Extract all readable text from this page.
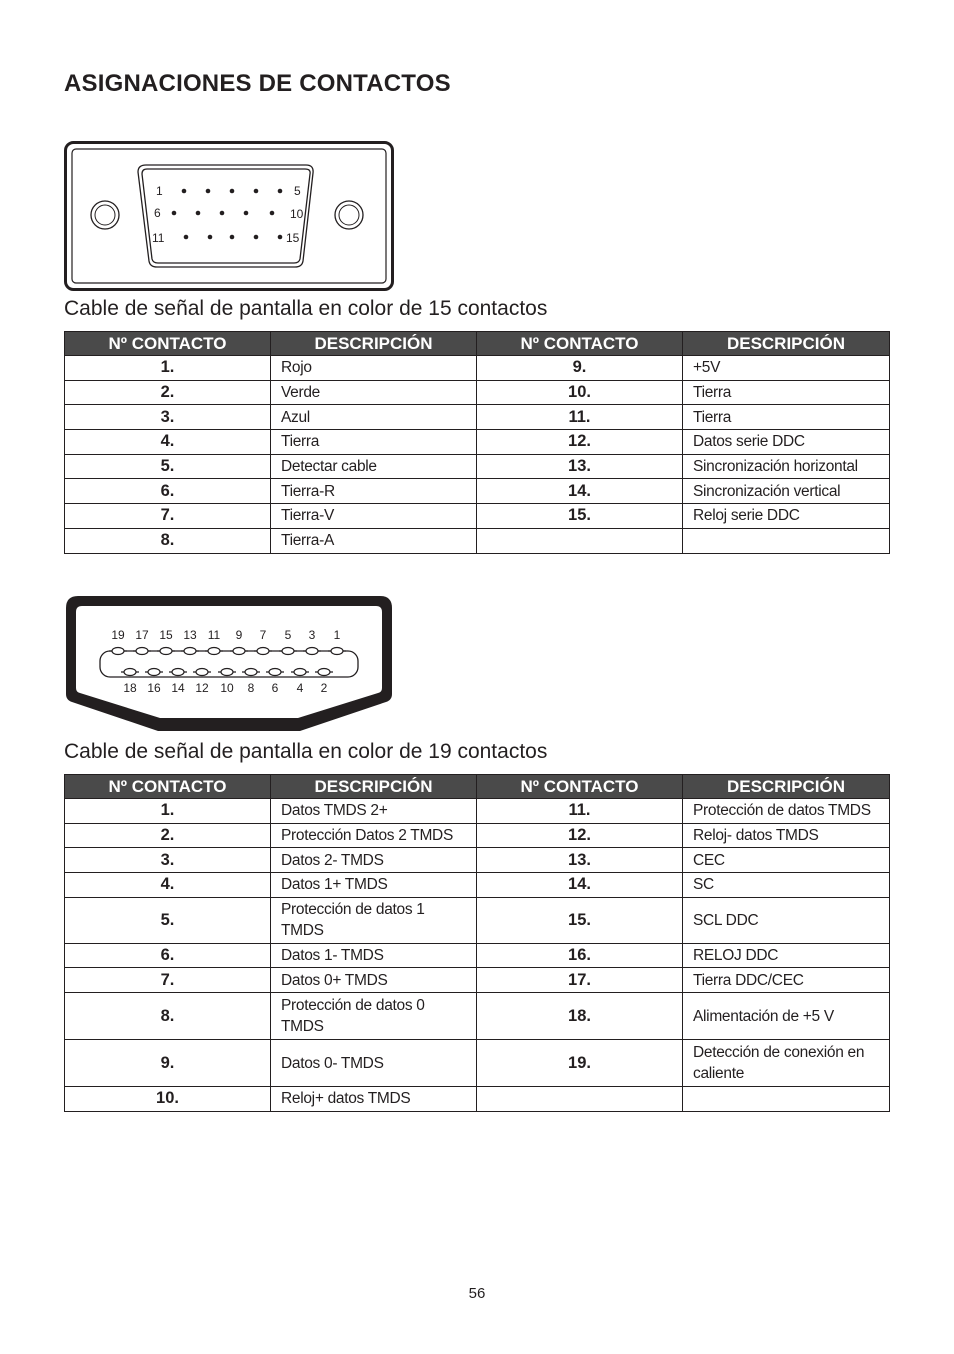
ASIGNACIONES DE CONTACTOS
1	5
6	10
11	15
Cable de señal de pantalla en color de 15 contactos
Nº CONTACTO	DESCRIPCIÓN	Nº CONTACTO	DESCRIPCIÓN
1.	Rojo	9.	+5V
2.	Verde	10.	Tierra
3.	Azul	11.	Tierra
4.	Tierra	12.	Datos serie DDC
5.	Detectar cable	13.	Sincronización horizontal
6.	Tierra-R	14.	Sincronización vertical
7.	Tierra-V	15.	Reloj serie DDC
8.	Tierra-A		
19 17 15 13 11 9 7 5 3 1
18 16 14 12 10 8 6 4 2
Cable de señal de pantalla en color de 19 contactos
Nº CONTACTO	DESCRIPCIÓN	Nº CONTACTO	DESCRIPCIÓN
1.	Datos TMDS 2+	11.	Protección de datos TMDS
2.	Protección Datos 2 TMDS	12.	Reloj- datos TMDS
3.	Datos 2- TMDS	13.	CEC
4.	Datos 1+ TMDS	14.	SC
5.	Protección de datos 1 TMDS	15.	SCL DDC
6.	Datos 1- TMDS	16.	RELOJ DDC
7.	Datos 0+ TMDS	17.	Tierra DDC/CEC
8.	Protección de datos 0 TMDS	18.	Alimentación de +5 V
9.	Datos 0- TMDS	19.	Detección de conexión en caliente
10.	Reloj+ datos TMDS		
56
